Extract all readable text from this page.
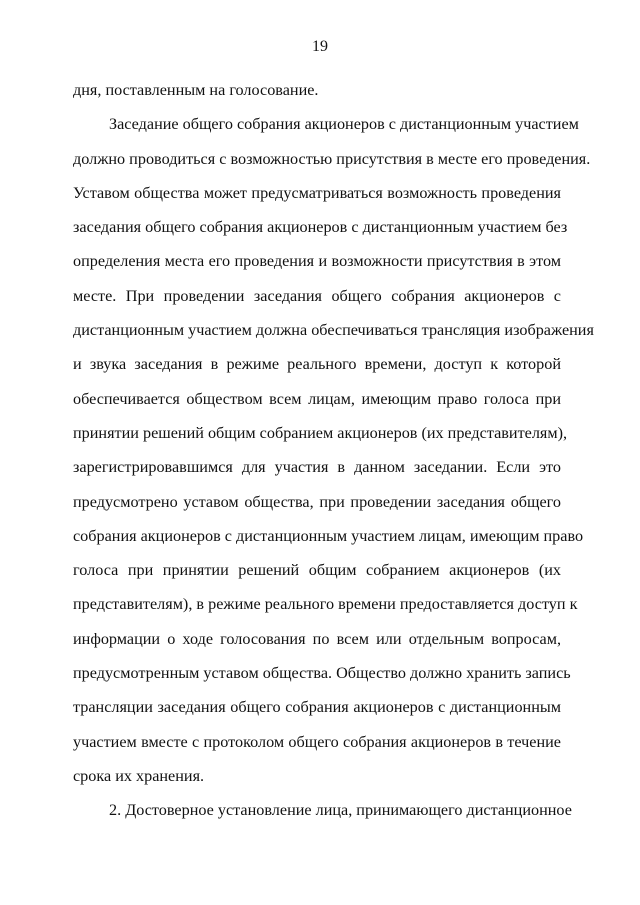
19
дня, поставленным на голосование.
Заседание общего собрания акционеров с дистанционным участием
должно проводиться с возможностью присутствия в месте его проведения.
Уставом общества может предусматриваться возможность проведения
заседания общего собрания акционеров с дистанционным участием без
определения места его проведения и возможности присутствия в этом
месте. При проведении заседания общего собрания акционеров с
дистанционным участием должна обеспечиваться трансляция изображения
и звука заседания в режиме реального времени, доступ к которой
обеспечивается обществом всем лицам, имеющим право голоса при
принятии решений общим собранием акционеров (их представителям),
зарегистрировавшимся для участия в данном заседании. Если это
предусмотрено уставом общества, при проведении заседания общего
собрания акционеров с дистанционным участием лицам, имеющим право
голоса при принятии решений общим собранием акционеров (их
представителям), в режиме реального времени предоставляется доступ к
информации о ходе голосования по всем или отдельным вопросам,
предусмотренным уставом общества. Общество должно хранить запись
трансляции заседания общего собрания акционеров с дистанционным
участием вместе с протоколом общего собрания акционеров в течение
срока их хранения.
2. Достоверное установление лица, принимающего дистанционное
